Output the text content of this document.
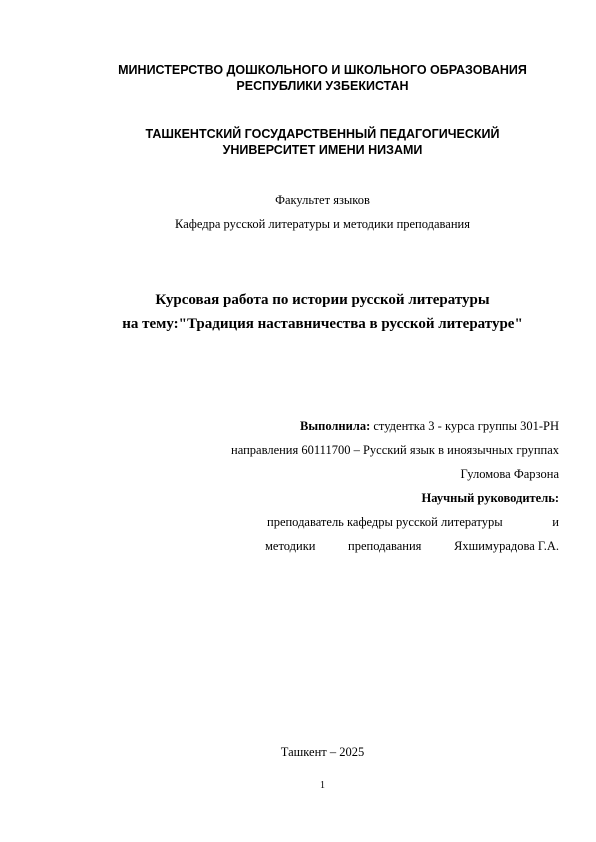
МИНИСТЕРСТВО ДОШКОЛЬНОГО И ШКОЛЬНОГО ОБРАЗОВАНИЯ
РЕСПУБЛИКИ УЗБЕКИСТАН
ТАШКЕНТСКИЙ ГОСУДАРСТВЕННЫЙ ПЕДАГОГИЧЕСКИЙ
УНИВЕРСИТЕТ ИМЕНИ НИЗАМИ
Факультет языков
Кафедра русской литературы и методики преподавания
Курсовая работа по истории русской литературы
на тему:"Традиция наставничества в русской литературе"
Выполнила: студентка 3 - курса группы 301-РН
направления 60111700 – Русский язык в иноязычных группах
Гуломова Фарзона
Научный руководитель:
преподаватель кафедры русской литературы	и
методики	преподавания	Яхшимурадова Г.А.
Ташкент – 2025
1
